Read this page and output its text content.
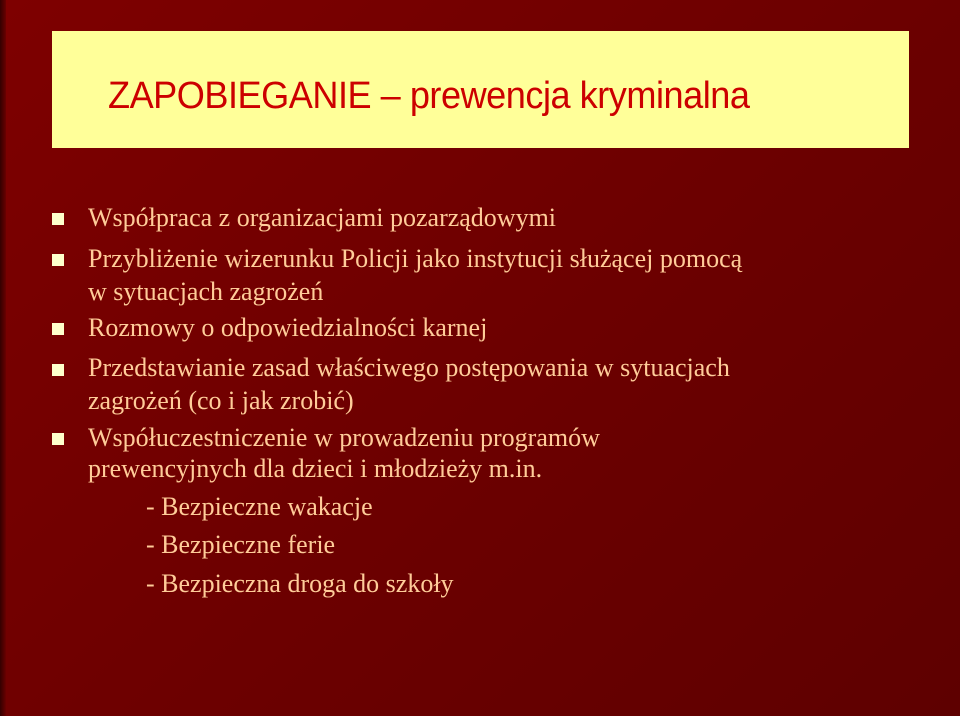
ZAPOBIEGANIE – prewencja kryminalna
Współpraca z organizacjami pozarządowymi
Przybliżenie wizerunku Policji jako instytucji służącej pomocą
w sytuacjach zagrożeń
Rozmowy o odpowiedzialności karnej
Przedstawianie zasad właściwego postępowania w sytuacjach
zagrożeń (co i jak zrobić)
Współuczestniczenie w prowadzeniu programów
prewencyjnych dla dzieci i młodzieży m.in.
- Bezpieczne wakacje
- Bezpieczne ferie
- Bezpieczna droga do szkoły
